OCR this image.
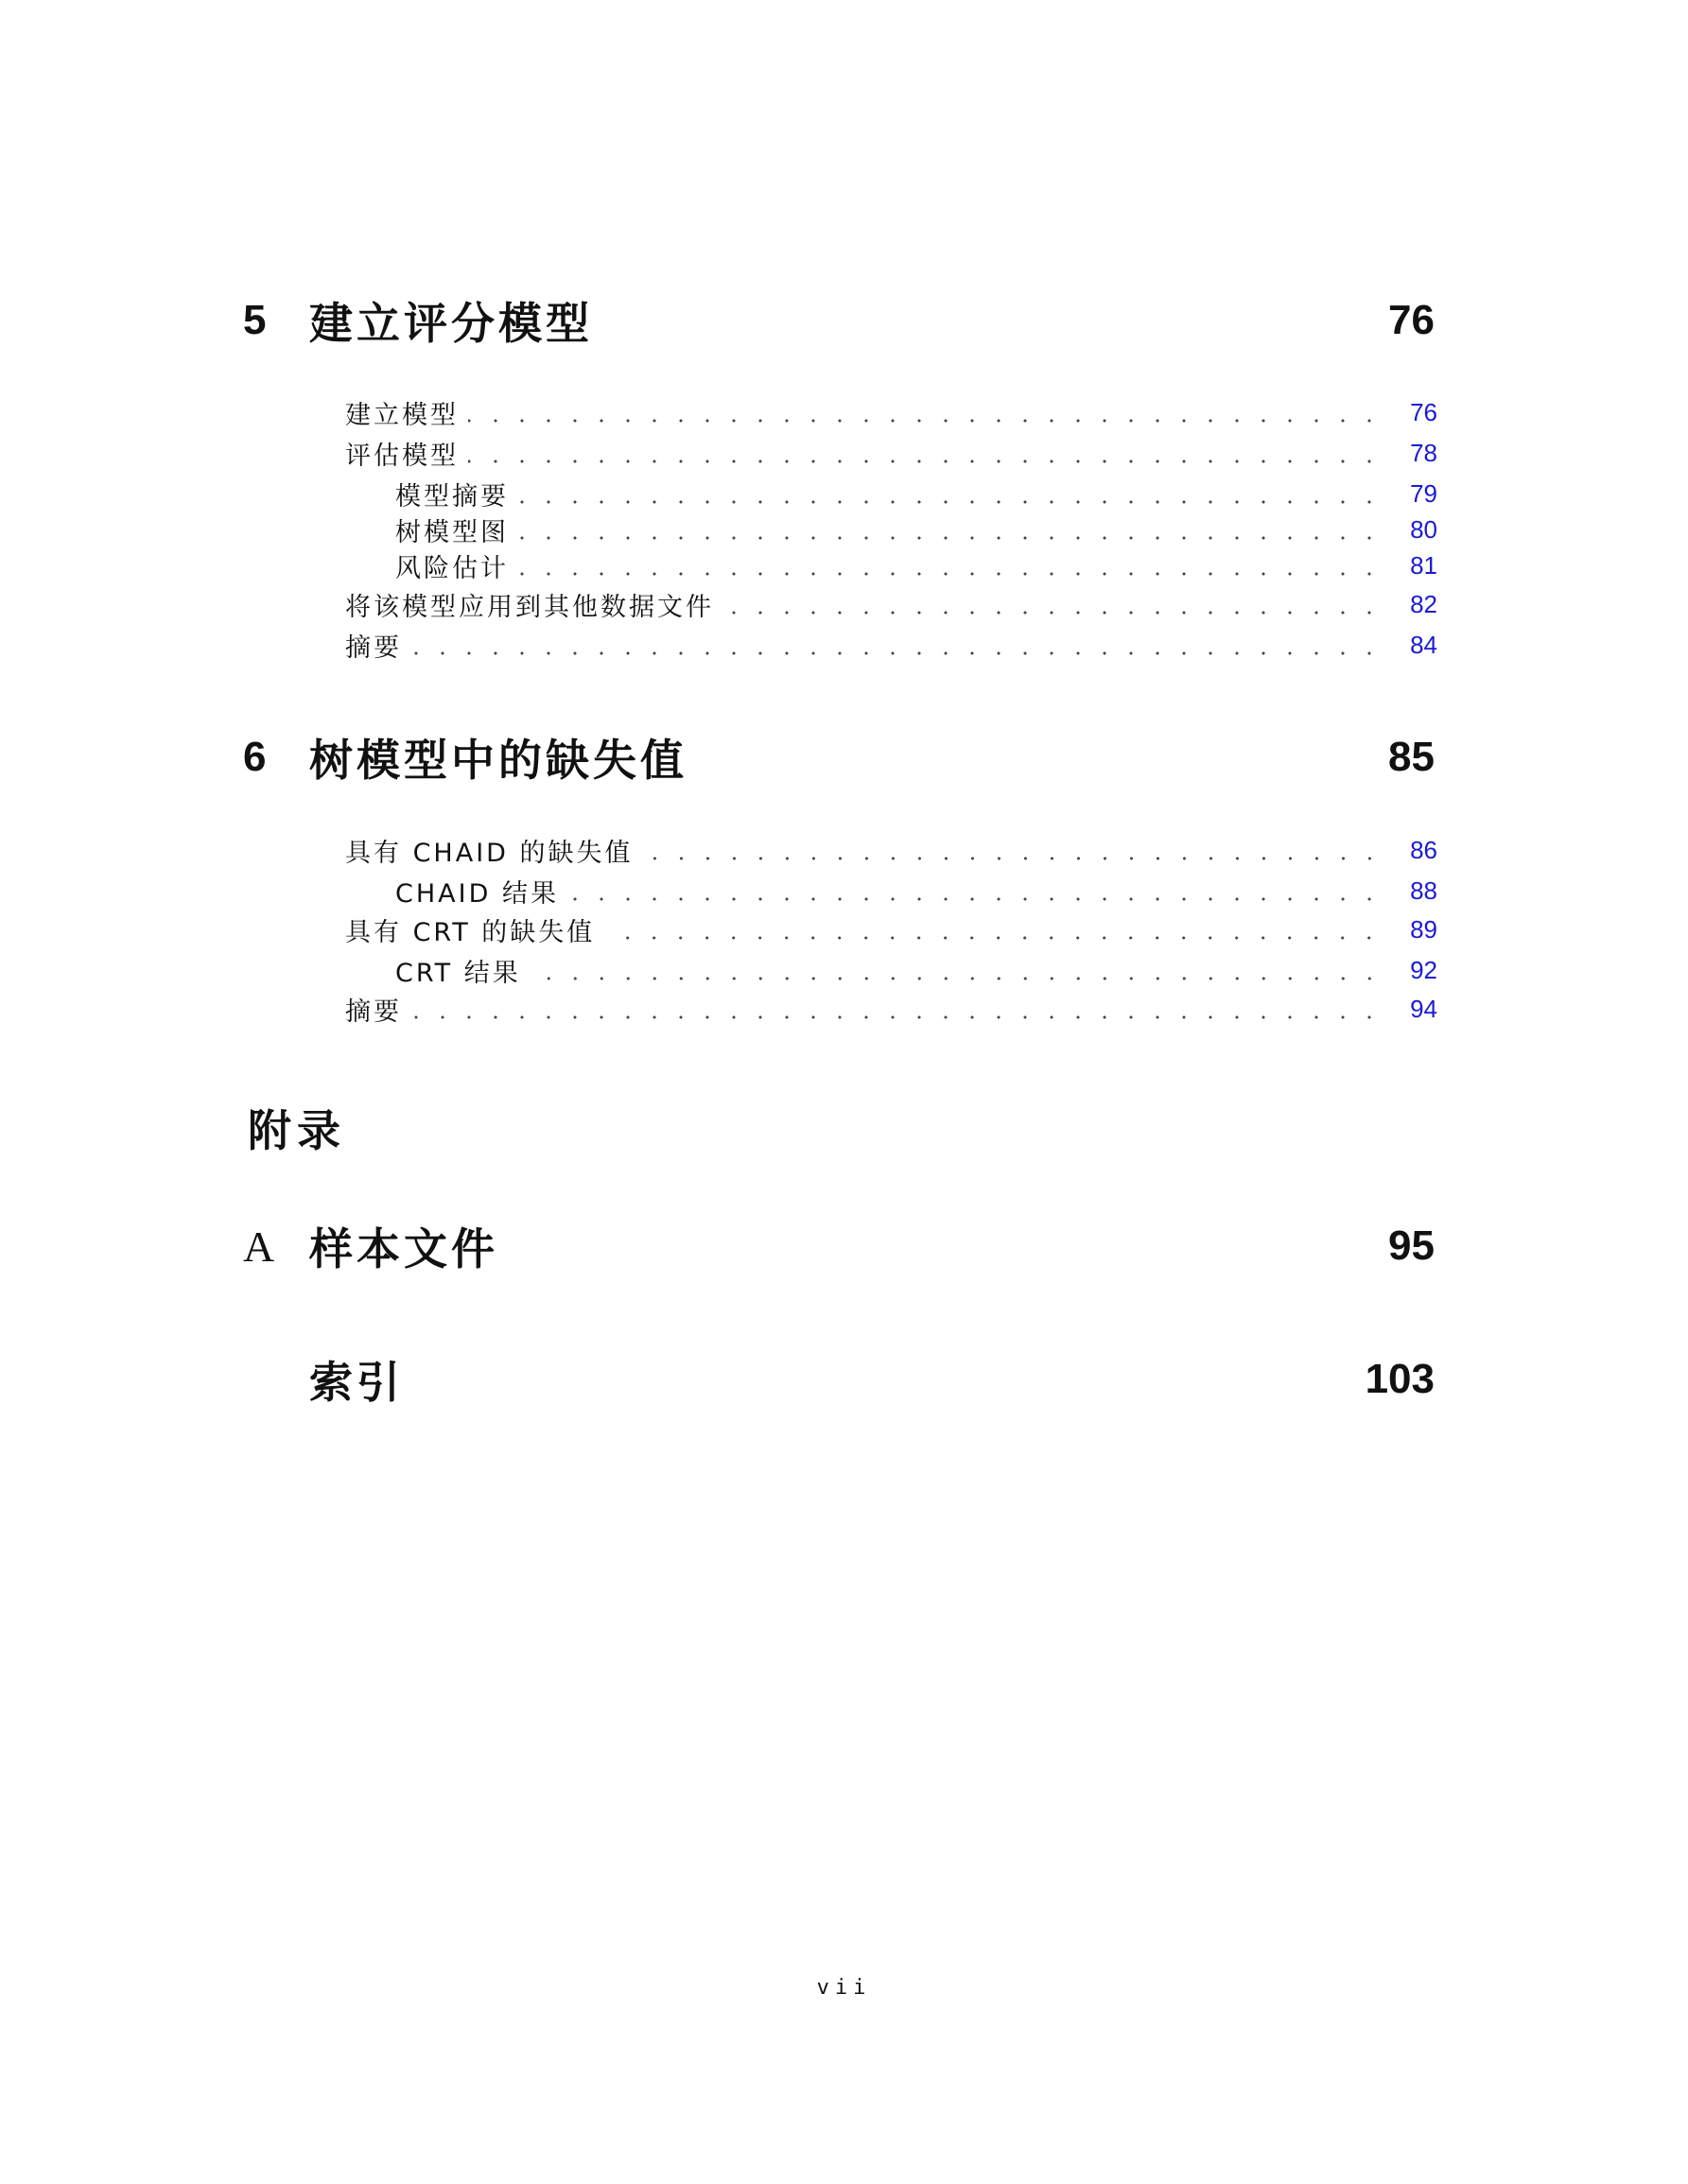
5 建立评分模型	76
建立模型	76
评估模型	78
模型摘要	79
树模型图	80
风险估计	81
将该模型应用到其他数据文件	82
摘要	84
6 树模型中的缺失值	85
具有 CHAID 的缺失值	86
CHAID 结果	88
具有 CRT 的缺失值	89
CRT 结果	92
摘要	94
附录
A 样本文件	95
索引	103
vii
